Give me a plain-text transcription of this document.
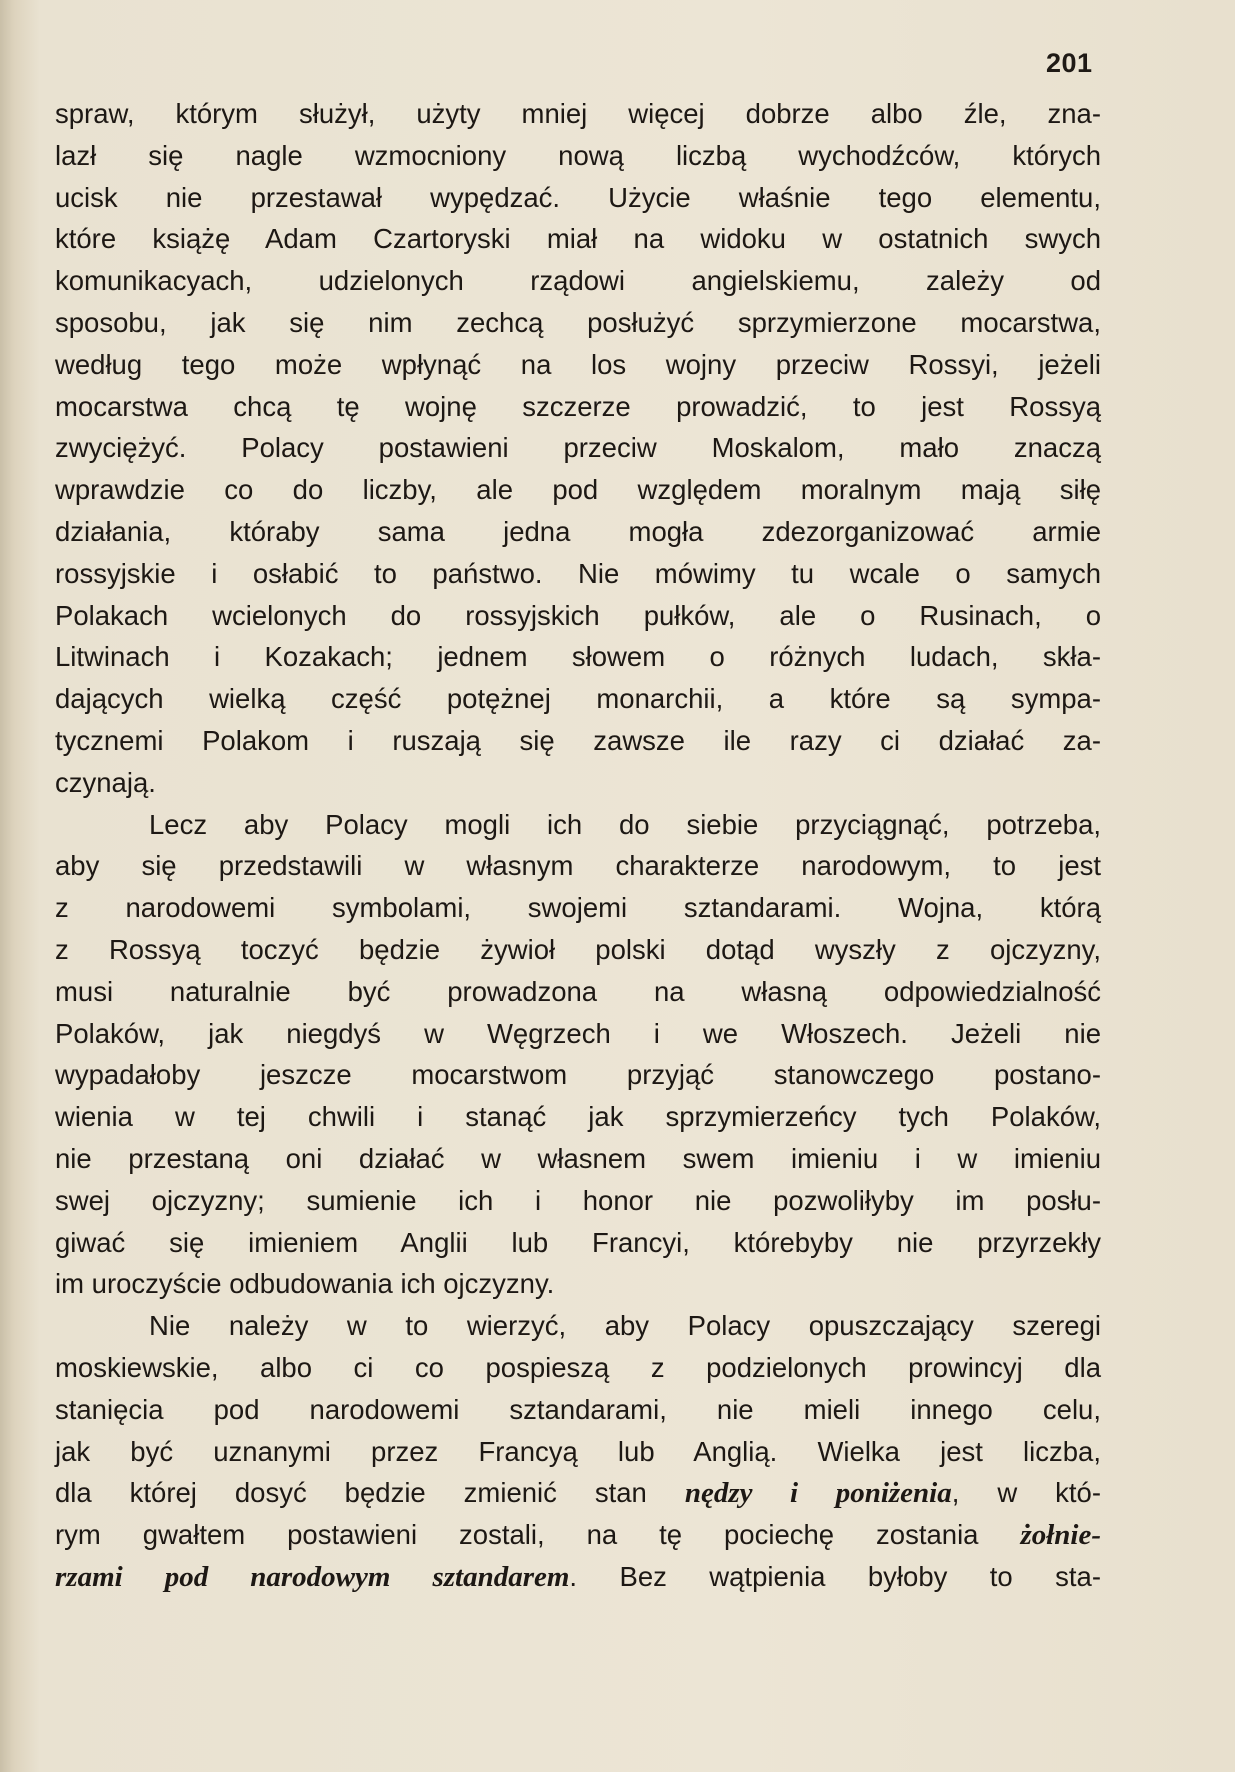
201
spraw, którym służył, użyty mniej więcej dobrze albo źle, zna-
lazł się nagle wzmocniony nową liczbą wychodźców, których
ucisk nie przestawał wypędzać. Użycie właśnie tego elementu,
które książę Adam Czartoryski miał na widoku w ostatnich swych
komunikacyach, udzielonych rządowi angielskiemu, zależy od
sposobu, jak się nim zechcą posłużyć sprzymierzone mocarstwa,
według tego może wpłynąć na los wojny przeciw Rossyi, jeżeli
mocarstwa chcą tę wojnę szczerze prowadzić, to jest Rossyą
zwyciężyć. Polacy postawieni przeciw Moskalom, mało znaczą
wprawdzie co do liczby, ale pod względem moralnym mają siłę
działania, któraby sama jedna mogła zdezorganizować armie
rossyjskie i osłabić to państwo. Nie mówimy tu wcale o samych
Polakach wcielonych do rossyjskich pułków, ale o Rusinach, o
Litwinach i Kozakach; jednem słowem o różnych ludach, skła-
dających wielką część potężnej monarchii, a które są sympa-
tycznemi Polakom i ruszają się zawsze ile razy ci działać za-
czynają.
Lecz aby Polacy mogli ich do siebie przyciągnąć, potrzeba,
aby się przedstawili w własnym charakterze narodowym, to jest
z narodowemi symbolami, swojemi sztandarami. Wojna, którą
z Rossyą toczyć będzie żywioł polski dotąd wyszły z ojczyzny,
musi naturalnie być prowadzona na własną odpowiedzialność
Polaków, jak niegdyś w Węgrzech i we Włoszech. Jeżeli nie
wypadałoby jeszcze mocarstwom przyjąć stanowczego postano-
wienia w tej chwili i stanąć jak sprzymierzeńcy tych Polaków,
nie przestaną oni działać w własnem swem imieniu i w imieniu
swej ojczyzny; sumienie ich i honor nie pozwoliłyby im posłu-
giwać się imieniem Anglii lub Francyi, którebyby nie przyrzekły
im uroczyście odbudowania ich ojczyzny.
Nie należy w to wierzyć, aby Polacy opuszczający szeregi
moskiewskie, albo ci co pospieszą z podzielonych prowincyj dla
stanięcia pod narodowemi sztandarami, nie mieli innego celu,
jak być uznanymi przez Francyą lub Anglią. Wielka jest liczba,
dla której dosyć będzie zmienić stan nędzy i poniżenia, w któ-
rym gwałtem postawieni zostali, na tę pociechę zostania żołnie-
rzami pod narodowym sztandarem. Bez wątpienia byłoby to sta-
